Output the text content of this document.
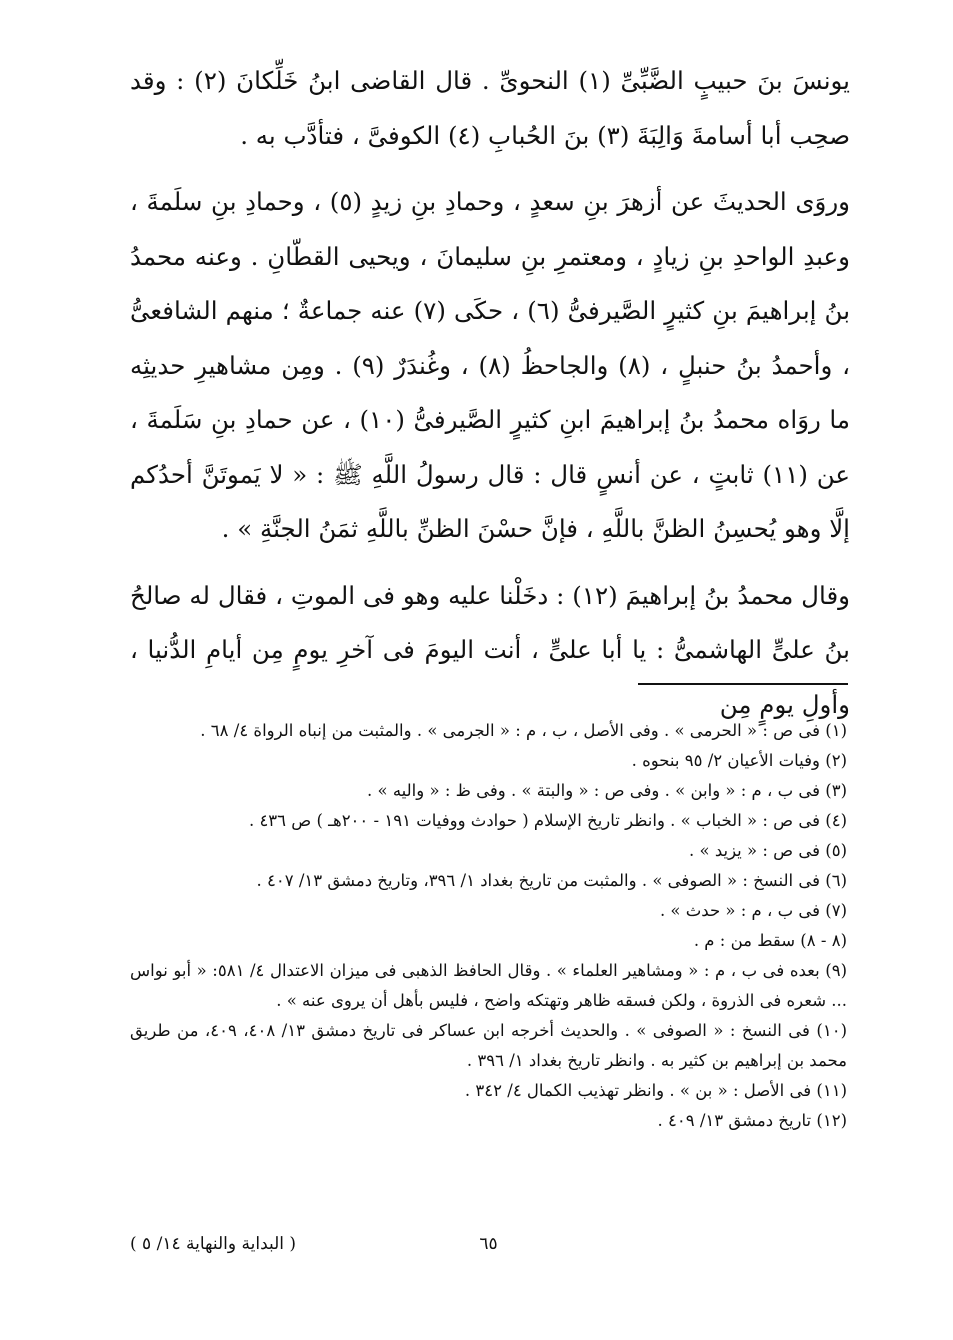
يونسَ بنَ حبيبٍ الضَّبِّىِّ (١) النحوىِّ . قال القاضى ابنُ خَلِّكانَ (٢) : وقد صحِب أبا أسامةَ وَالِبَةَ (٣) بنَ الحُبابِ (٤) الكوفىَّ ، فتأدَّب به .

وروَى الحديثَ عن أزهرَ بنِ سعدٍ ، وحمادِ بنِ زيدٍ (٥) ، وحمادِ بنِ سلَمةَ ، وعبدِ الواحدِ بنِ زيادٍ ، ومعتمرِ بنِ سليمانَ ، ويحيى القطّانِ . وعنه محمدُ بنُ إبراهيمَ بنِ كثيرٍ الصَّيرفىُّ (٦) ، حكَى (٧) عنه جماعةٌ ؛ منهم الشافعىُّ ، وأحمدُ بنُ حنبلٍ ، (٨) والجاحظُ (٨) ، وغُندَرٌ (٩) . ومِن مشاهيرِ حديثِه ما روَاه محمدُ بنُ إبراهيمَ ابنِ كثيرٍ الصَّيرفىُّ (١٠) ، عن حمادِ بنِ سَلَمةَ ، عن (١١) ثابتٍ ، عن أنسٍ قال : قال رسولُ اللَّهِ ﷺ : « لا يَموتَنَّ أحدُكم إلَّا وهو يُحسِنُ الظنَّ باللَّهِ ، فإنَّ حسْنَ الظنِّ باللَّهِ ثمَنُ الجنَّةِ » .

وقال محمدُ بنُ إبراهيمَ (١٢) : دخَلْنا عليه وهو فى الموتِ ، فقال له صالحُ بنُ علىٍّ الهاشمىُّ : يا أبا علىٍّ ، أنت اليومَ فى آخرِ يومٍ مِن أيامِ الدُّنيا ، وأولِ يومٍ مِن

(١) فى ص : « الحرمى » . وفى الأصل ، ب ، م : « الجرمى » . والمثبت من إنباه الرواة ٤/ ٦٨ .

(٢) وفيات الأعيان ٢/ ٩٥ بنحوه .

(٣) فى ب ، م : « وابن » . وفى ص : « والبتة » . وفى ظ : « واليه » .

(٤) فى ص : « الخباب » . وانظر تاريخ الإسلام ( حوادث ووفيات ١٩١ - ٢٠٠هـ ) ص ٤٣٦ .

(٥) فى ص : « يزيد » .

(٦) فى النسخ : « الصوفى » . والمثبت من تاريخ بغداد ١/ ٣٩٦، وتاريخ دمشق ١٣/ ٤٠٧ .

(٧) فى ب ، م : « حدث » .

(٨ - ٨) سقط من : م .

(٩) بعده فى ب ، م : « ومشاهير العلماء » . وقال الحافظ الذهبى فى ميزان الاعتدال ٤/ ٥٨١: « أبو نواس ... شعره فى الذروة ، ولكن فسقه ظاهر وتهتكه واضح ، فليس بأهل أن يروى عنه » .

(١٠) فى النسخ : « الصوفى » . والحديث أخرجه ابن عساكر فى تاريخ دمشق ١٣/ ٤٠٨، ٤٠٩، من طريق محمد بن إبراهيم بن كثير به . وانظر تاريخ بغداد ١/ ٣٩٦ .

(١١) فى الأصل : « بن » . وانظر تهذيب الكمال ٤/ ٣٤٢ .

(١٢) تاريخ دمشق ١٣/ ٤٠٩ .

٦٥
( البداية والنهاية ١٤/ ٥ )
